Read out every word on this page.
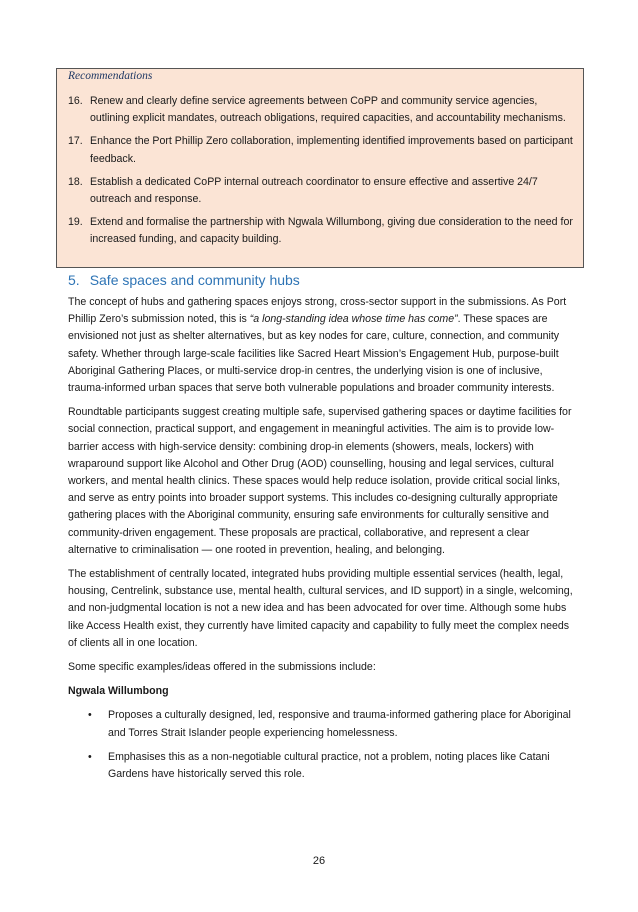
Recommendations
16. Renew and clearly define service agreements between CoPP and community service agencies, outlining explicit mandates, outreach obligations, required capacities, and accountability mechanisms.
17. Enhance the Port Phillip Zero collaboration, implementing identified improvements based on participant feedback.
18. Establish a dedicated CoPP internal outreach coordinator to ensure effective and assertive 24/7 outreach and response.
19. Extend and formalise the partnership with Ngwala Willumbong, giving due consideration to the need for increased funding, and capacity building.
5. Safe spaces and community hubs

The concept of hubs and gathering spaces enjoys strong, cross-sector support in the submissions. As Port Phillip Zero’s submission noted, this is “a long-standing idea whose time has come”. These spaces are envisioned not just as shelter alternatives, but as key nodes for care, culture, connection, and community safety. Whether through large-scale facilities like Sacred Heart Mission’s Engagement Hub, purpose-built Aboriginal Gathering Places, or multi-service drop-in centres, the underlying vision is one of inclusive, trauma-informed urban spaces that serve both vulnerable populations and broader community interests.

Roundtable participants suggest creating multiple safe, supervised gathering spaces or daytime facilities for social connection, practical support, and engagement in meaningful activities. The aim is to provide low-barrier access with high-service density: combining drop-in elements (showers, meals, lockers) with wraparound support like Alcohol and Other Drug (AOD) counselling, housing and legal services, cultural workers, and mental health clinics. These spaces would help reduce isolation, provide critical social links, and serve as entry points into broader support systems. This includes co-designing culturally appropriate gathering places with the Aboriginal community, ensuring safe environments for culturally sensitive and community-driven engagement. These proposals are practical, collaborative, and represent a clear alternative to criminalisation — one rooted in prevention, healing, and belonging.

The establishment of centrally located, integrated hubs providing multiple essential services (health, legal, housing, Centrelink, substance use, mental health, cultural services, and ID support) in a single, welcoming, and non-judgmental location is not a new idea and has been advocated for over time. Although some hubs like Access Health exist, they currently have limited capacity and capability to fully meet the complex needs of clients all in one location.

Some specific examples/ideas offered in the submissions include:

Ngwala Willumbong
• Proposes a culturally designed, led, responsive and trauma-informed gathering place for Aboriginal and Torres Strait Islander people experiencing homelessness.
• Emphasises this as a non-negotiable cultural practice, not a problem, noting places like Catani Gardens have historically served this role.
26
